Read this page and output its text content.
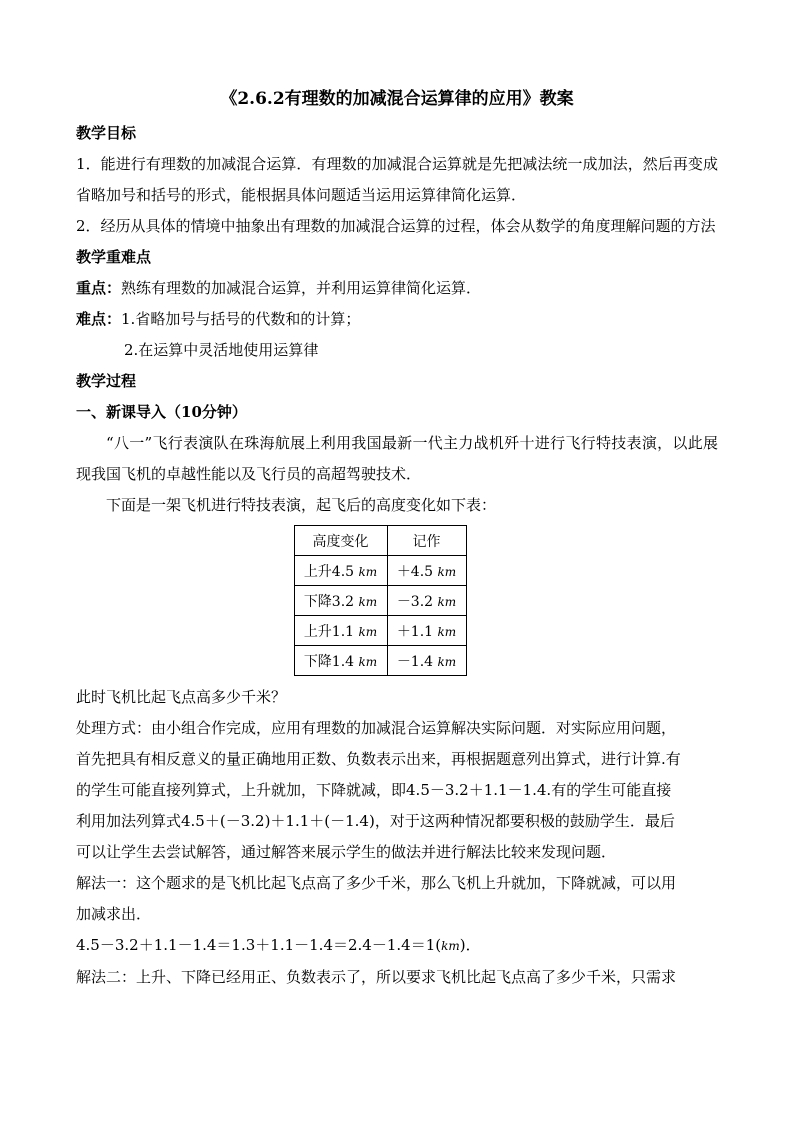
《2.6.2有理数的加减混合运算律的应用》教案

教学目标

1．能进行有理数的加减混合运算．有理数的加减混合运算就是先把减法统一成加法，然后再变成省略加号和括号的形式，能根据具体问题适当运用运算律简化运算．

2．经历从具体的情境中抽象出有理数的加减混合运算的过程，体会从数学的角度理解问题的方法

教学重难点

重点：熟练有理数的加减混合运算，并利用运算律简化运算．

难点：1.省略加号与括号的代数和的计算；

2.在运算中灵活地使用运算律

教学过程

一、新课导入（10分钟）

“八一”飞行表演队在珠海航展上利用我国最新一代主力战机歼十进行飞行特技表演，以此展现我国飞机的卓越性能以及飞行员的高超驾驶技术．

下面是一架飞机进行特技表演，起飞后的高度变化如下表：

高度变化	记作
上升4.5 km	＋4.5 km
下降3.2 km	－3.2 km
上升1.1 km	＋1.1 km
下降1.4 km	－1.4 km

此时飞机比起飞点高多少千米？

处理方式：由小组合作完成，应用有理数的加减混合运算解决实际问题．对实际应用问题，

首先把具有相反意义的量正确地用正数、负数表示出来，再根据题意列出算式，进行计算.有

的学生可能直接列算式，上升就加，下降就减，即4.5－3.2＋1.1－1.4.有的学生可能直接

利用加法列算式4.5＋(－3.2)＋1.1＋(－1.4)，对于这两种情况都要积极的鼓励学生．最后

可以让学生去尝试解答，通过解答来展示学生的做法并进行解法比较来发现问题．

解法一：这个题求的是飞机比起飞点高了多少千米，那么飞机上升就加，下降就减，可以用

加减求出．

4.5－3.2＋1.1－1.4＝1.3＋1.1－1.4＝2.4－1.4＝1(km)．

解法二：上升、下降已经用正、负数表示了，所以要求飞机比起飞点高了多少千米，只需求
